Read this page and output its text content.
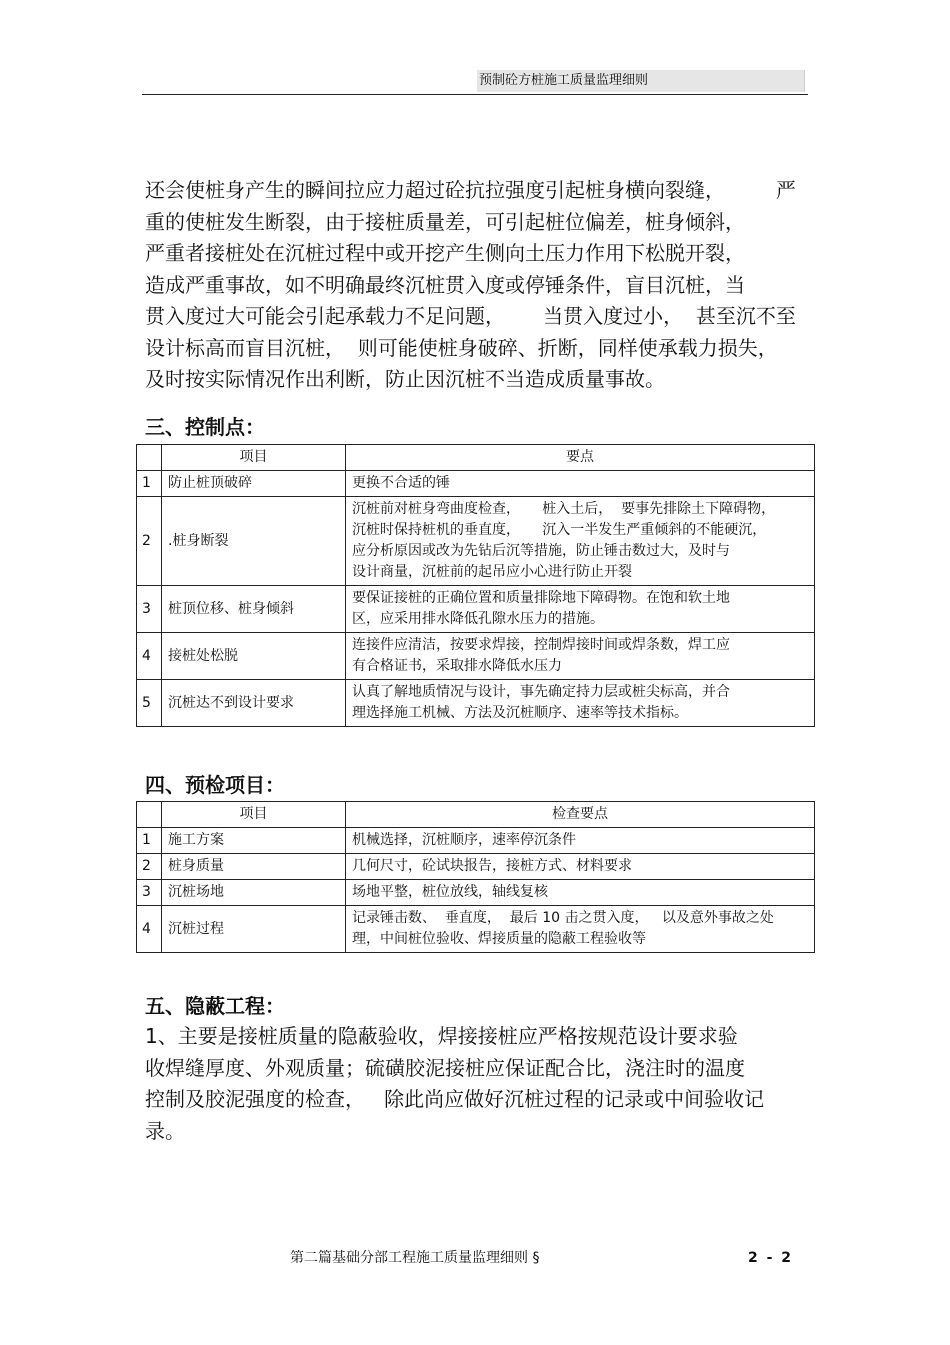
预制砼方桩施工质量监理细则
还会使桩身产生的瞬间拉应力超过砼抗拉强度引起桩身横向裂缝，        严
重的使桩发生断裂，由于接桩质量差，可引起桩位偏差，桩身倾斜，
严重者接桩处在沉桩过程中或开挖产生侧向土压力作用下松脱开裂，
造成严重事故，如不明确最终沉桩贯入度或停锤条件，盲目沉桩，当
贯入度过大可能会引起承载力不足问题，      当贯入度过小，  甚至沉不至
设计标高而盲目沉桩，  则可能使桩身破碎、折断，同样使承载力损失，
及时按实际情况作出利断，防止因沉桩不当造成质量事故。
三、控制点：
	项目	要点
1	防止桩顶破碎	更换不合适的锤

2	.桩身断裂	沉桩前对桩身弯曲度检查，     桩入土后，  要事先排除土下障碍物，
沉桩时保持桩机的垂直度，     沉入一半发生严重倾斜的不能硬沉，
应分析原因或改为先钻后沉等措施，防止锤击数过大，及时与
设计商量，沉桩前的起吊应小心进行防止开裂

3	桩顶位移、桩身倾斜	要保证接桩的正确位置和质量排除地下障碍物。在饱和软土地
区，应采用排水降低孔隙水压力的措施。

4	接桩处松脱	连接件应清洁，按要求焊接，控制焊接时间或焊条数，焊工应
有合格证书，采取排水降低水压力

5	沉桩达不到设计要求	认真了解地质情况与设计，事先确定持力层或桩尖标高，并合
理选择施工机械、方法及沉桩顺序、速率等技术指标。
四、预检项目：
	项目	检查要点
1	施工方案	机械选择，沉桩顺序，速率停沉条件

2	桩身质量	几何尺寸，砼试块报告，接桩方式、材料要求

3	沉桩场地	场地平整，桩位放线，轴线复核

4	沉桩过程	记录锤击数、  垂直度，  最后 10 击之贯入度，   以及意外事故之处
理，中间桩位验收、焊接质量的隐蔽工程验收等
五、隐蔽工程：
1、主要是接桩质量的隐蔽验收，焊接接桩应严格按规范设计要求验
收焊缝厚度、外观质量；硫磺胶泥接桩应保证配合比，浇注时的温度
控制及胶泥强度的检查，   除此尚应做好沉桩过程的记录或中间验收记
录。
第二篇基础分部工程施工质量监理细则 §	2 - 2
